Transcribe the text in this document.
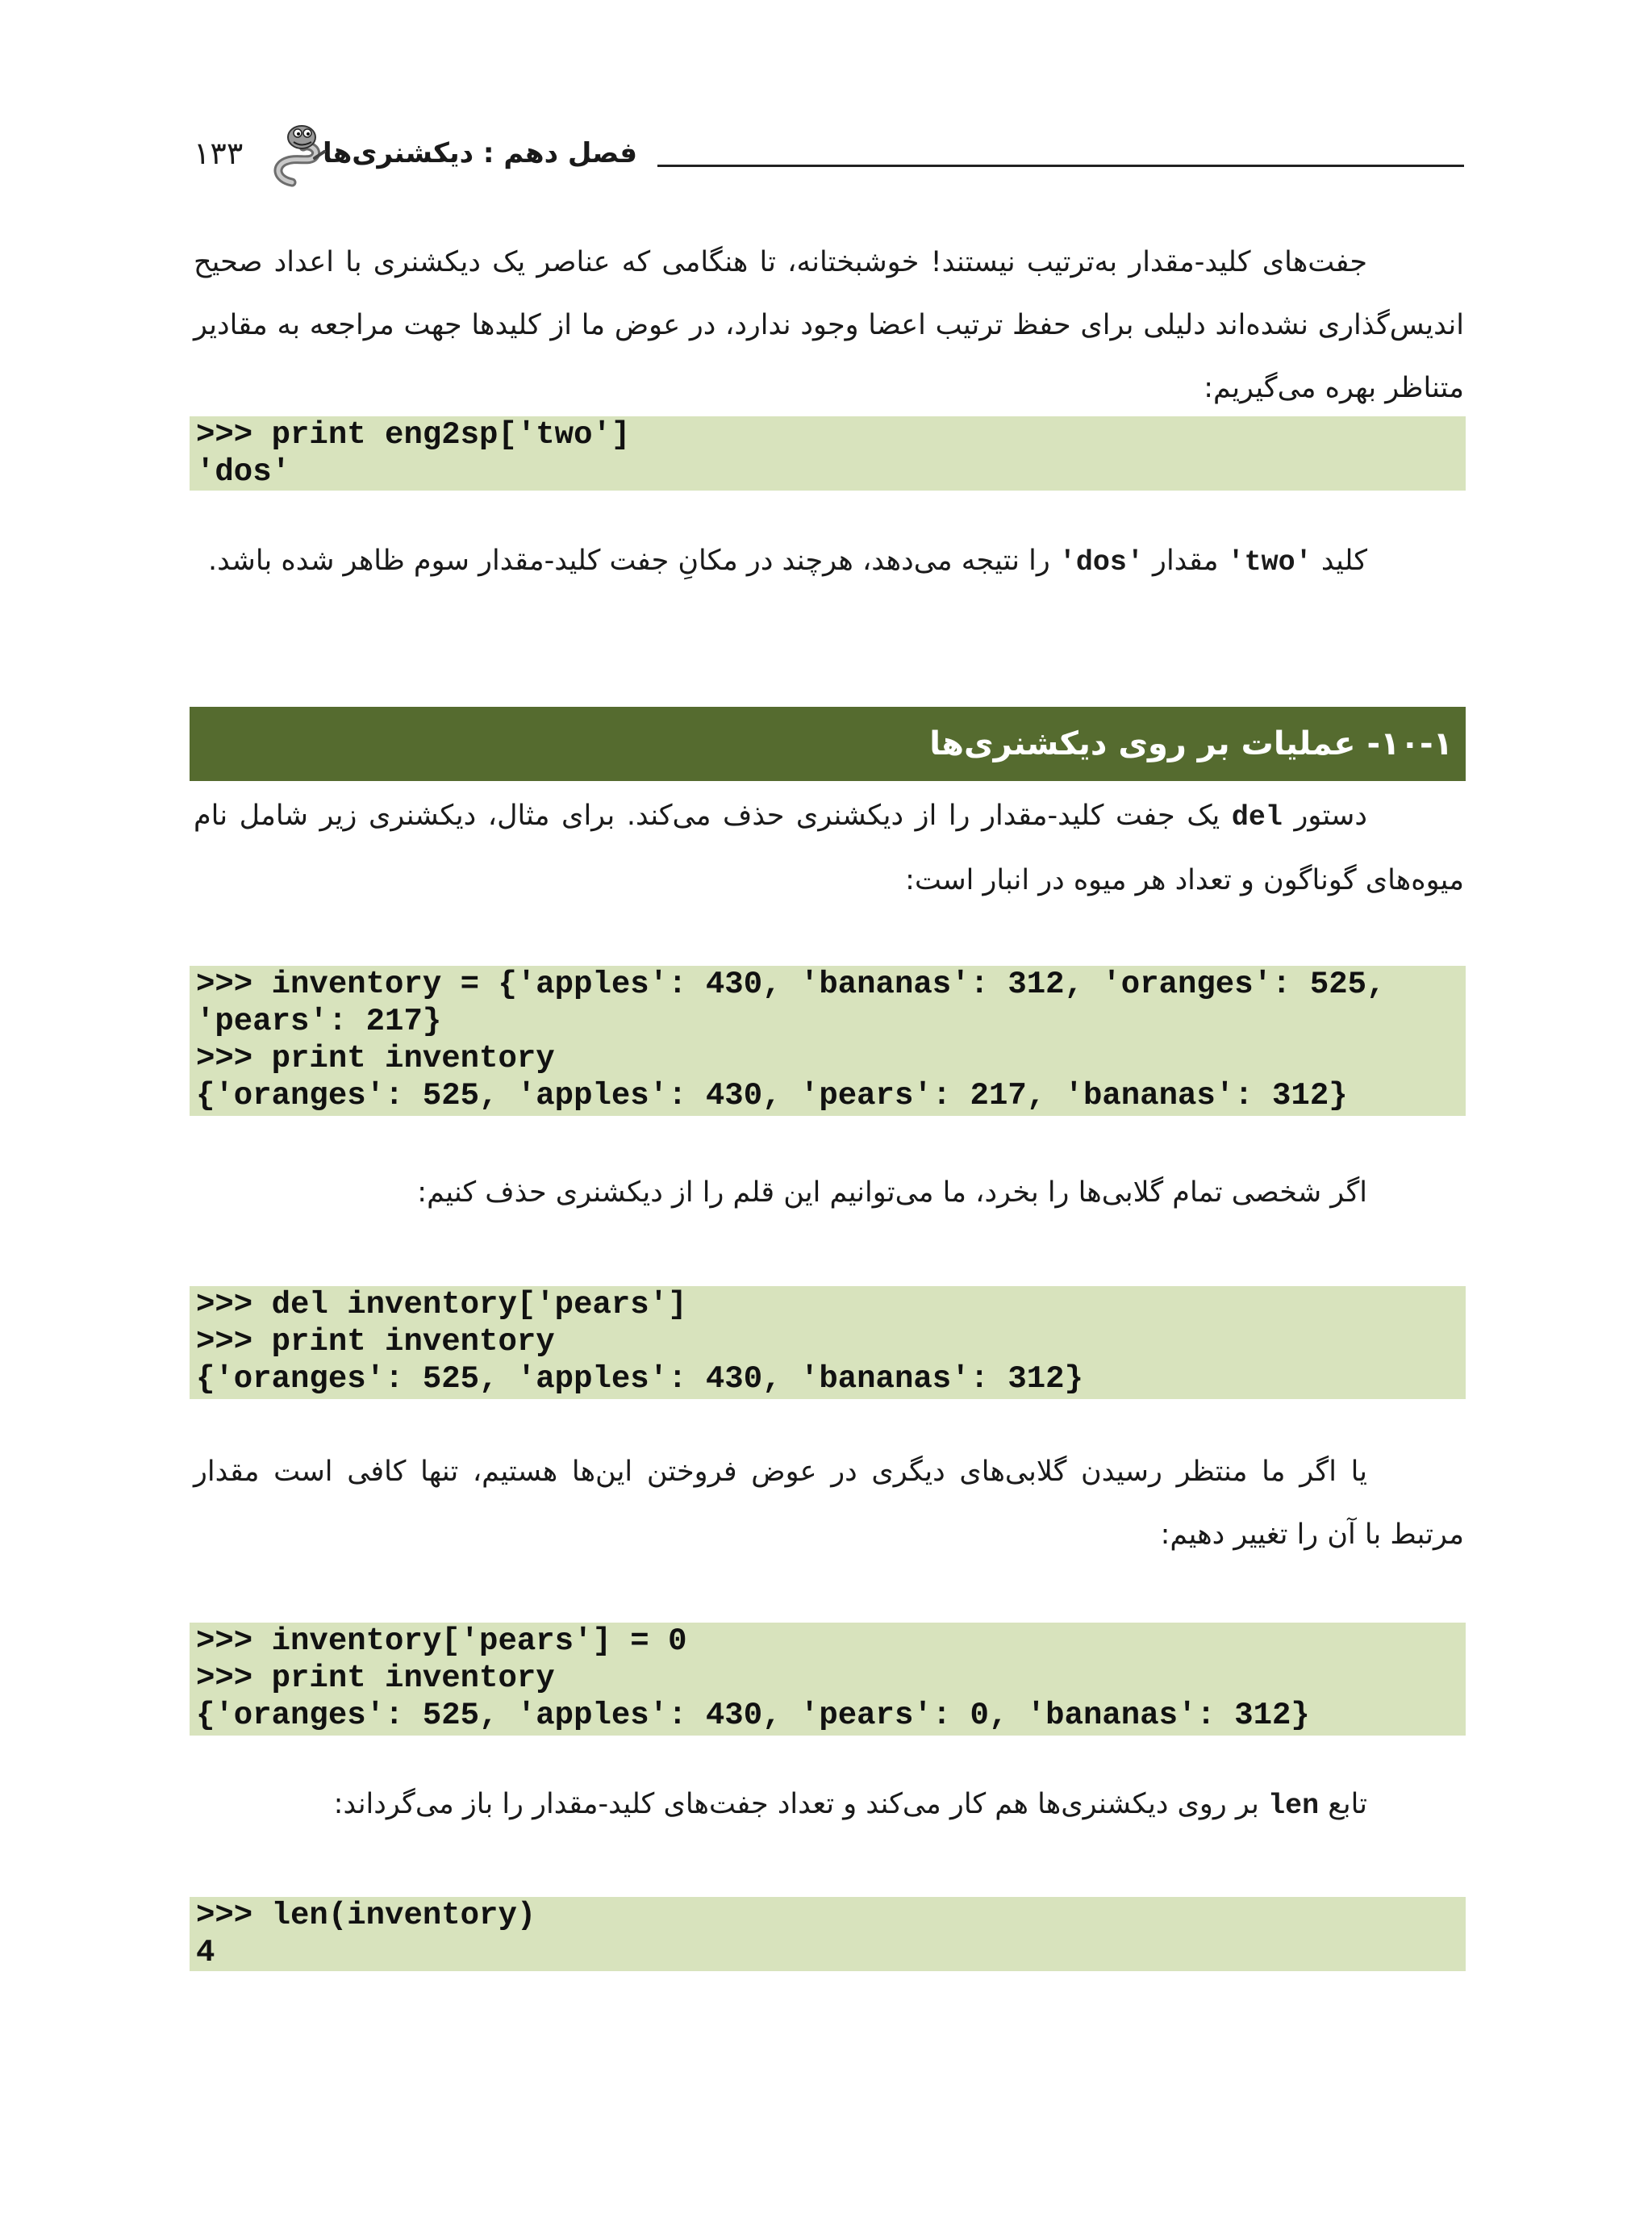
فصل دهم : دیکشنری‌ها
۱۳۳
جفت‌های کلید-مقدار به‌ترتیب نیستند! خوشبختانه، تا هنگامی که عناصر یک دیکشنری با اعداد صحیح اندیس‌گذاری نشده‌اند دلیلی برای حفظ ترتیب اعضا وجود ندارد، در عوض ما از کلیدها جهت مراجعه به مقادیر متناظر بهره می‌گیریم:
>>> print eng2sp['two']
'dos'
کلید 'two' مقدار 'dos' را نتیجه می‌دهد، هرچند در مکانِ جفت کلید-مقدار سوم ظاهر شده باشد.
۱۰-۱- عملیات بر روی دیکشنری‌ها
دستور del یک جفت کلید-مقدار را از دیکشنری حذف می‌کند. برای مثال، دیکشنری زیر شامل نام میوه‌های گوناگون و تعداد هر میوه در انبار است:
>>> inventory = {'apples': 430, 'bananas': 312, 'oranges': 525,
'pears': 217}
>>> print inventory
{'oranges': 525, 'apples': 430, 'pears': 217, 'bananas': 312}
اگر شخصی تمام گلابی‌ها را بخرد، ما می‌توانیم این قلم را از دیکشنری حذف کنیم:
>>> del inventory['pears']
>>> print inventory
{'oranges': 525, 'apples': 430, 'bananas': 312}
یا اگر ما منتظر رسیدن گلابی‌های دیگری در عوض فروختن این‌ها هستیم، تنها کافی است مقدار مرتبط با آن را تغییر دهیم:
>>> inventory['pears'] = 0
>>> print inventory
{'oranges': 525, 'apples': 430, 'pears': 0, 'bananas': 312}
تابع len بر روی دیکشنری‌ها هم کار می‌کند و تعداد جفت‌های کلید-مقدار را باز می‌گرداند:
>>> len(inventory)
4
